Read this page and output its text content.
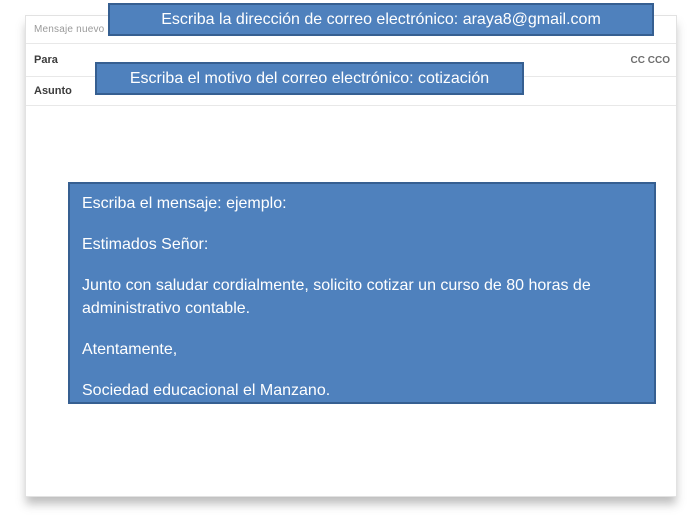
Mensaje nuevo
Para	CC CCO
Asunto
Escriba la dirección de correo electrónico: araya8@gmail.com
Escriba el motivo del correo electrónico: cotización

Escriba el mensaje: ejemplo:

Estimados Señor:

Junto con saludar cordialmente, solicito cotizar un curso de 80 horas de administrativo contable.

Atentamente,

Sociedad educacional el Manzano.
